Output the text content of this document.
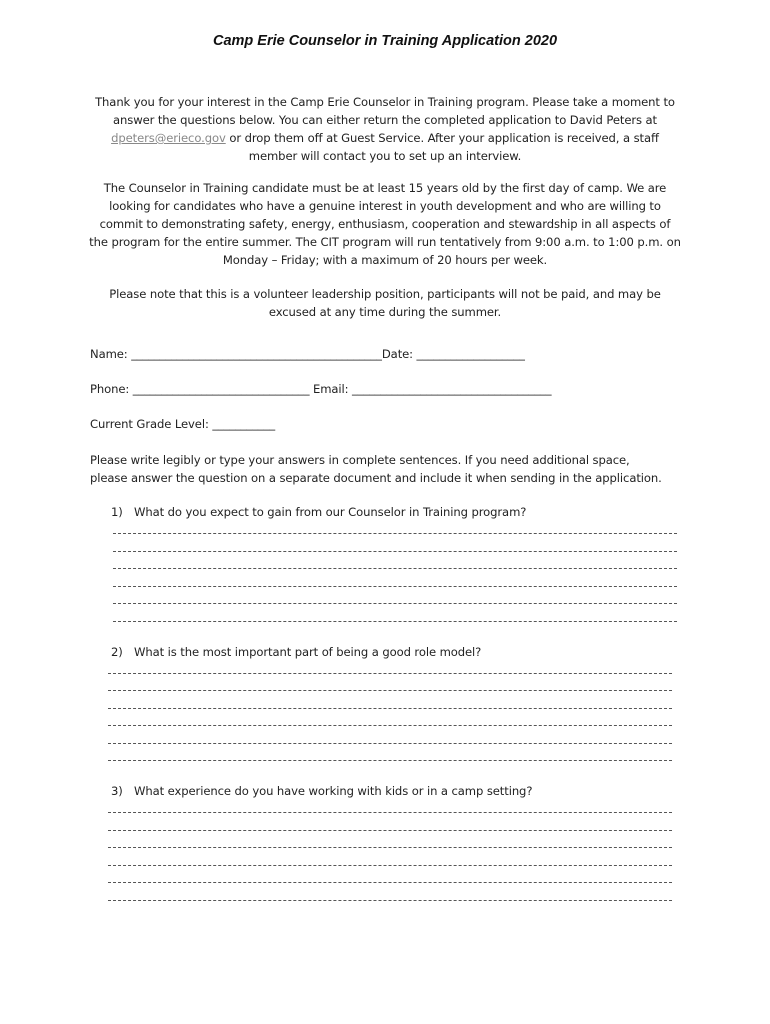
Camp Erie Counselor in Training Application 2020
Thank you for your interest in the Camp Erie Counselor in Training program. Please take a moment to
answer the questions below. You can either return the completed application to David Peters at
dpeters@erieco.gov or drop them off at Guest Service. After your application is received, a staff
member will contact you to set up an interview.
The Counselor in Training candidate must be at least 15 years old by the first day of camp. We are
looking for candidates who have a genuine interest in youth development and who are willing to
commit to demonstrating safety, energy, enthusiasm, cooperation and stewardship in all aspects of
the program for the entire summer. The CIT program will run tentatively from 9:00 a.m. to 1:00 p.m. on
Monday – Friday; with a maximum of 20 hours per week.
Please note that this is a volunteer leadership position, participants will not be paid, and may be
excused at any time during the summer.
Name: ____________________________________________Date: ___________________
Phone: _______________________________ Email: ___________________________________
Current Grade Level: ___________
Please write legibly or type your answers in complete sentences. If you need additional space,
please answer the question on a separate document and include it when sending in the application.
1) What do you expect to gain from our Counselor in Training program?
2) What is the most important part of being a good role model?
3) What experience do you have working with kids or in a camp setting?
